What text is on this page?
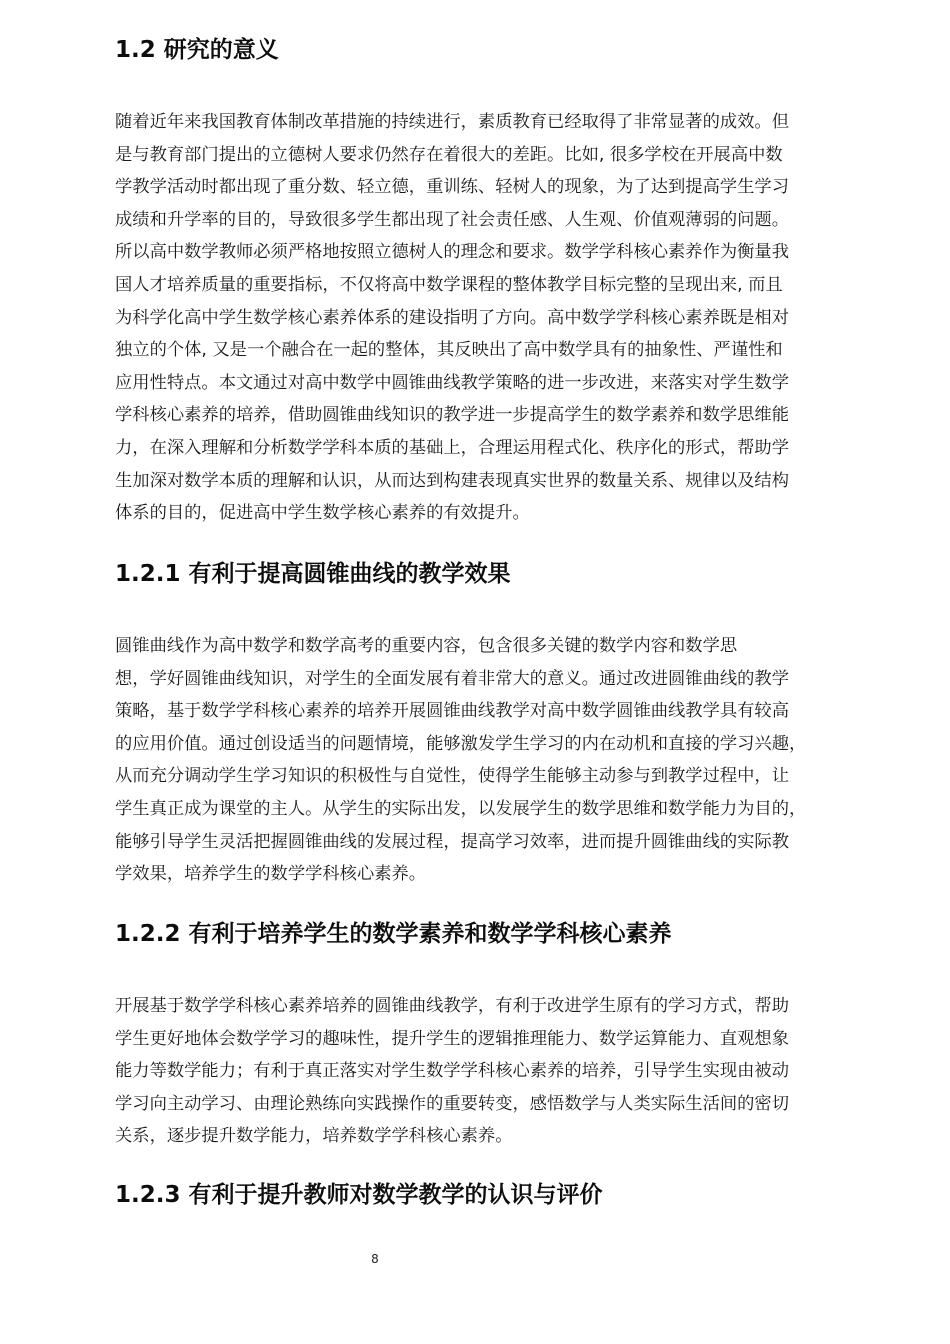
1.2 研究的意义
随着近年来我国教育体制改革措施的持续进行，素质教育已经取得了非常显著的成效。但
是与教育部门提出的立德树人要求仍然存在着很大的差距。比如, 很多学校在开展高中数
学教学活动时都出现了重分数、轻立德，重训练、轻树人的现象，为了达到提高学生学习
成绩和升学率的目的，导致很多学生都出现了社会责任感、人生观、价值观薄弱的问题。
所以高中数学教师必须严格地按照立德树人的理念和要求。数学学科核心素养作为衡量我
国人才培养质量的重要指标，不仅将高中数学课程的整体教学目标完整的呈现出来, 而且
为科学化高中学生数学核心素养体系的建设指明了方向。高中数学学科核心素养既是相对
独立的个体, 又是一个融合在一起的整体，其反映出了高中数学具有的抽象性、严谨性和
应用性特点。本文通过对高中数学中圆锥曲线教学策略的进一步改进，来落实对学生数学
学科核心素养的培养，借助圆锥曲线知识的教学进一步提高学生的数学素养和数学思维能
力，在深入理解和分析数学学科本质的基础上，合理运用程式化、秩序化的形式，帮助学
生加深对数学本质的理解和认识，从而达到构建表现真实世界的数量关系、规律以及结构
体系的目的，促进高中学生数学核心素养的有效提升。
1.2.1 有利于提高圆锥曲线的教学效果
圆锥曲线作为高中数学和数学高考的重要内容，包含很多关键的数学内容和数学思
想，学好圆锥曲线知识，对学生的全面发展有着非常大的意义。通过改进圆锥曲线的教学
策略，基于数学学科核心素养的培养开展圆锥曲线教学对高中数学圆锥曲线教学具有较高
的应用价值。通过创设适当的问题情境，能够激发学生学习的内在动机和直接的学习兴趣，
从而充分调动学生学习知识的积极性与自觉性，使得学生能够主动参与到教学过程中，让
学生真正成为课堂的主人。从学生的实际出发，以发展学生的数学思维和数学能力为目的，
能够引导学生灵活把握圆锥曲线的发展过程，提高学习效率，进而提升圆锥曲线的实际教
学效果，培养学生的数学学科核心素养。
1.2.2 有利于培养学生的数学素养和数学学科核心素养
开展基于数学学科核心素养培养的圆锥曲线教学，有利于改进学生原有的学习方式，帮助
学生更好地体会数学学习的趣味性，提升学生的逻辑推理能力、数学运算能力、直观想象
能力等数学能力；有利于真正落实对学生数学学科核心素养的培养，引导学生实现由被动
学习向主动学习、由理论熟练向实践操作的重要转变，感悟数学与人类实际生活间的密切
关系，逐步提升数学能力，培养数学学科核心素养。
1.2.3 有利于提升教师对数学教学的认识与评价
8
